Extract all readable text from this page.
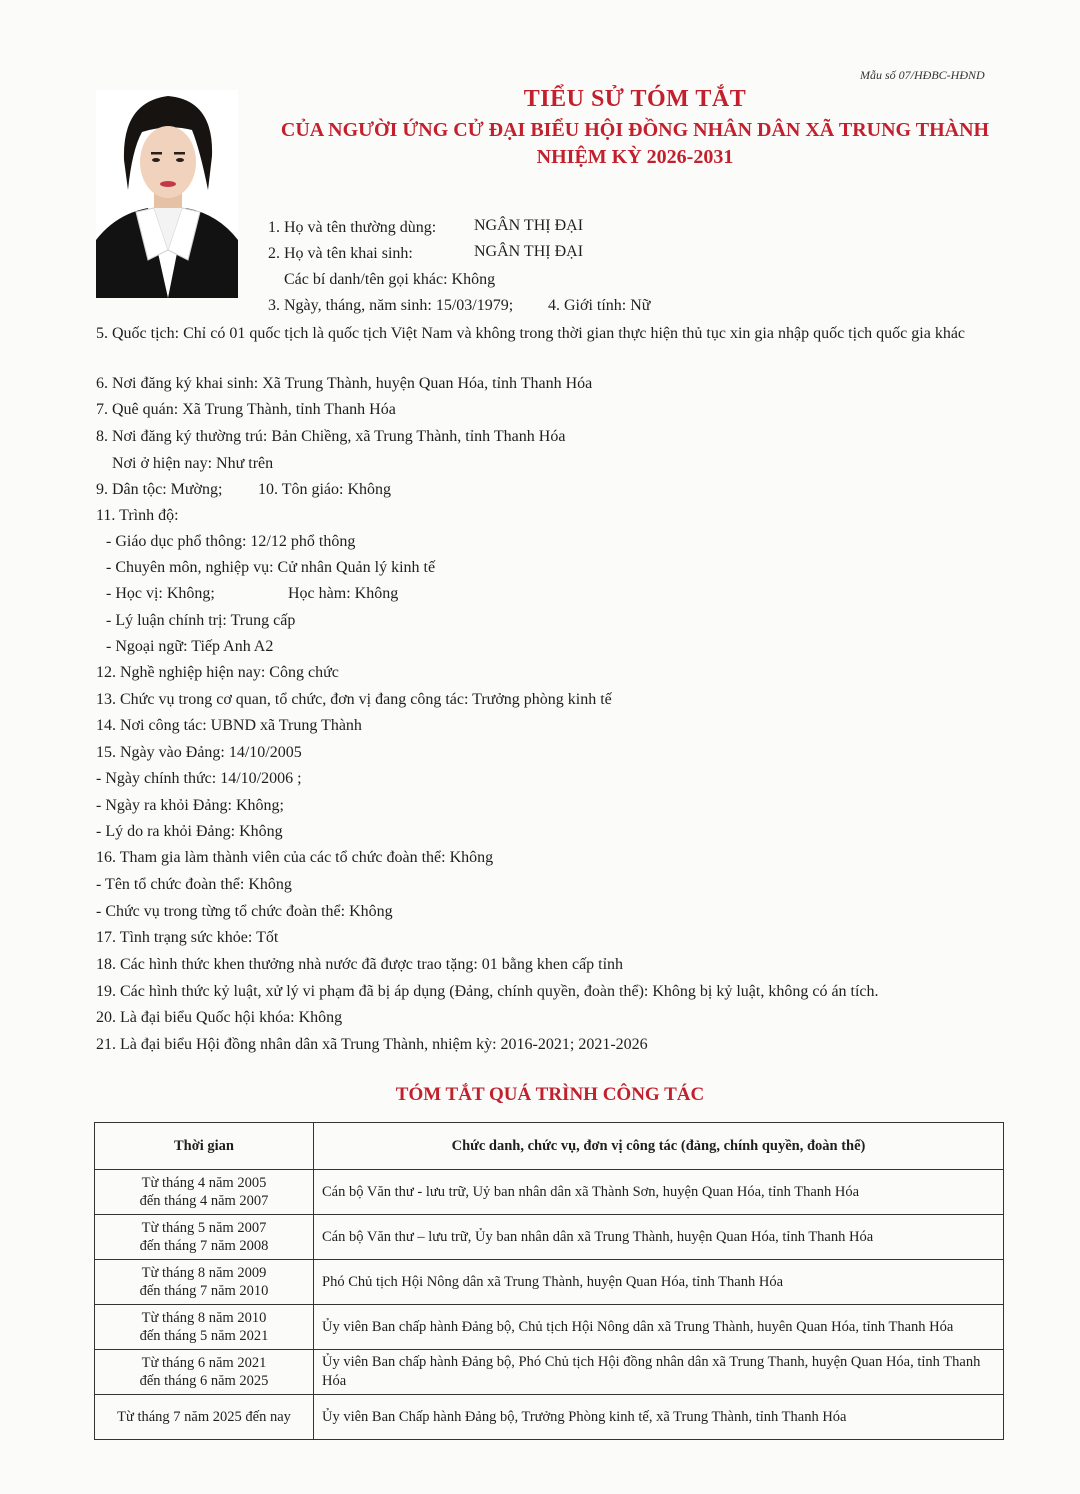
Mẫu số 07/HĐBC-HĐND
TIỂU SỬ TÓM TẮT
CỦA NGƯỜI ỨNG CỬ ĐẠI BIỂU HỘI ĐỒNG NHÂN DÂN XÃ TRUNG THÀNH
NHIỆM KỲ 2026-2031
1. Họ và tên thường dùng: NGÂN THỊ ĐẠI
2. Họ và tên khai sinh:	NGÂN THỊ ĐẠI
Các bí danh/tên gọi khác: Không
3. Ngày, tháng, năm sinh: 15/03/1979; 4. Giới tính: Nữ
5. Quốc tịch: Chỉ có 01 quốc tịch là quốc tịch Việt Nam và không trong thời gian thực hiện thủ tục xin gia nhập quốc tịch quốc gia khác
6. Nơi đăng ký khai sinh: Xã Trung Thành, huyện Quan Hóa, tỉnh Thanh Hóa
7. Quê quán: Xã Trung Thành, tỉnh Thanh Hóa
8. Nơi đăng ký thường trú: Bản Chiềng, xã Trung Thành, tỉnh Thanh Hóa
Nơi ở hiện nay: Như trên
9. Dân tộc: Mường; 10. Tôn giáo: Không
11. Trình độ:
- Giáo dục phổ thông: 12/12 phổ thông
- Chuyên môn, nghiệp vụ: Cử nhân Quản lý kinh tế
- Học vị: Không;	Học hàm: Không
- Lý luận chính trị: Trung cấp
- Ngoại ngữ: Tiếp Anh A2
12. Nghề nghiệp hiện nay: Công chức
13. Chức vụ trong cơ quan, tổ chức, đơn vị đang công tác: Trưởng phòng kinh tế
14. Nơi công tác: UBND xã Trung Thành
15. Ngày vào Đảng: 14/10/2005
- Ngày chính thức: 14/10/2006 ;
- Ngày ra khỏi Đảng: Không;
- Lý do ra khỏi Đảng: Không
16. Tham gia làm thành viên của các tổ chức đoàn thể: Không
- Tên tổ chức đoàn thể: Không
- Chức vụ trong từng tổ chức đoàn thể: Không
17. Tình trạng sức khỏe: Tốt
18. Các hình thức khen thưởng nhà nước đã được trao tặng: 01 bằng khen cấp tỉnh
19. Các hình thức kỷ luật, xử lý vi phạm đã bị áp dụng (Đảng, chính quyền, đoàn thể): Không bị kỷ luật, không có án tích.
20. Là đại biểu Quốc hội khóa: Không
21. Là đại biểu Hội đồng nhân dân xã Trung Thành, nhiệm kỳ: 2016-2021; 2021-2026
TÓM TẮT QUÁ TRÌNH CÔNG TÁC
Thời gian	Chức danh, chức vụ, đơn vị công tác (đảng, chính quyền, đoàn thể)

Từ tháng 4 năm 2005
đến tháng 4 năm 2007	Cán bộ Văn thư - lưu trữ, Uỷ ban nhân dân xã Thành Sơn, huyện Quan Hóa, tỉnh Thanh Hóa

Từ tháng 5 năm 2007
đến tháng 7 năm 2008	Cán bộ Văn thư – lưu trữ, Ủy ban nhân dân xã Trung Thành, huyện Quan Hóa, tỉnh Thanh Hóa

Từ tháng 8 năm 2009
đến tháng 7 năm 2010	Phó Chủ tịch Hội Nông dân xã Trung Thành, huyện Quan Hóa, tỉnh Thanh Hóa

Từ tháng 8 năm 2010
đến tháng 5 năm 2021	Ủy viên Ban chấp hành Đảng bộ, Chủ tịch Hội Nông dân xã Trung Thành, huyên Quan Hóa, tỉnh Thanh Hóa

Từ tháng 6 năm 2021
đến tháng 6 năm 2025	Ủy viên Ban chấp hành Đảng bộ, Phó Chủ tịch Hội đồng nhân dân xã Trung Thanh, huyện Quan Hóa, tỉnh Thanh Hóa

Từ tháng 7 năm 2025 đến nay	Ủy viên Ban Chấp hành Đảng bộ, Trưởng Phòng kinh tế, xã Trung Thành, tỉnh Thanh Hóa
